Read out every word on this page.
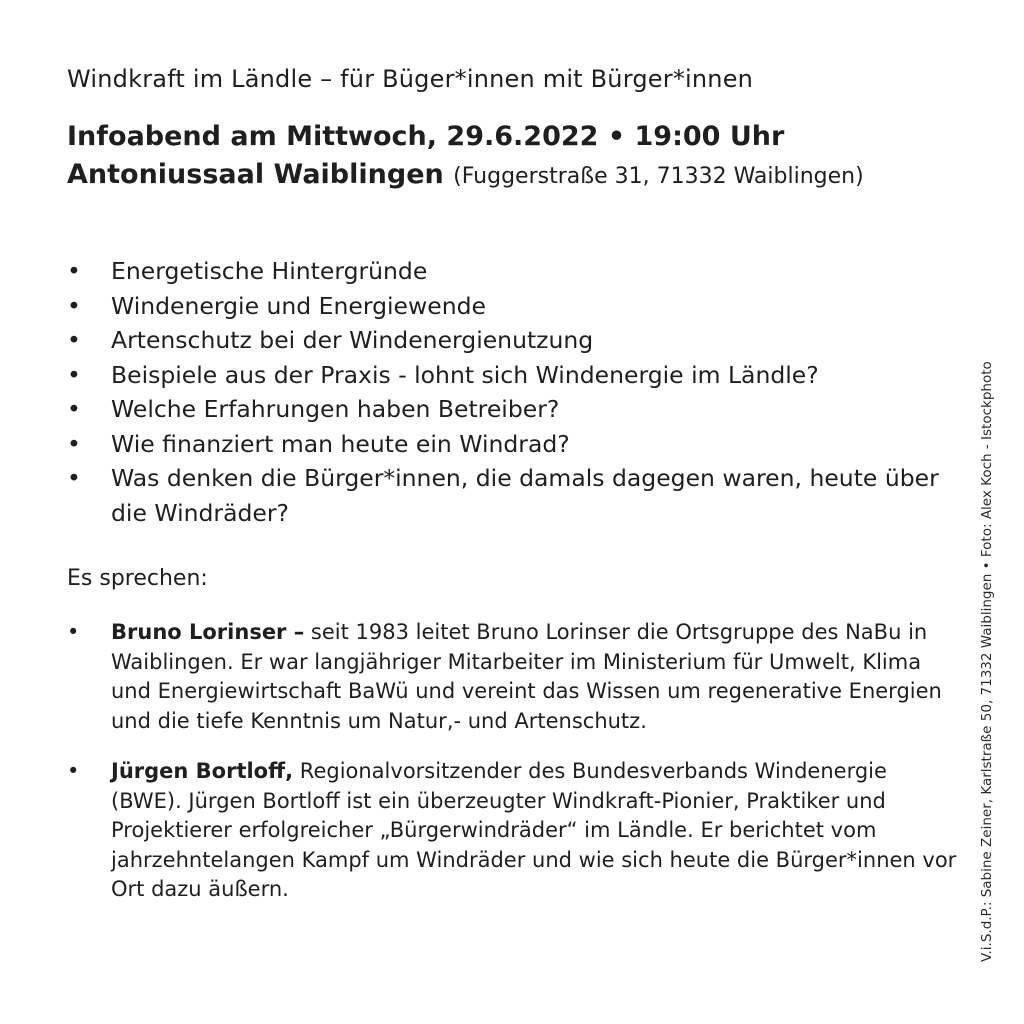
Windkraft im Ländle – für Büger*innen mit Bürger*innen
Infoabend am Mittwoch, 29.6.2022 • 19:00 Uhr
Antoniussaal Waiblingen (Fuggerstraße 31, 71332 Waiblingen)
• Energetische Hintergründe
• Windenergie und Energiewende
• Artenschutz bei der Windenergienutzung
• Beispiele aus der Praxis - lohnt sich Windenergie im Ländle?
• Welche Erfahrungen haben Betreiber?
• Wie finanziert man heute ein Windrad?
• Was denken die Bürger*innen, die damals dagegen waren, heute über die Windräder?
Es sprechen:
•	Bruno Lorinser – seit 1983 leitet Bruno Lorinser die Ortsgruppe des NaBu in Waiblingen. Er war langjähriger Mitarbeiter im Ministerium für Umwelt, Klima und Energiewirtschaft BaWü und vereint das Wissen um regenerative Energien und die tiefe Kenntnis um Natur,- und Artenschutz.
•	Jürgen Bortloff, Regionalvorsitzender des Bundesverbands Windenergie (BWE). Jürgen Bortloff ist ein überzeugter Windkraft-Pionier, Praktiker und Projektierer erfolgreicher „Bürgerwindräder“ im Ländle. Er berichtet vom jahrzehntelangen Kampf um Windräder und wie sich heute die Bürger*innen vor Ort dazu äußern.	V.i.S.d.P.: Sabine Zeiner, Karlstraße 50, 71332 Waiblingen • Foto: Alex Koch - Istockphoto
